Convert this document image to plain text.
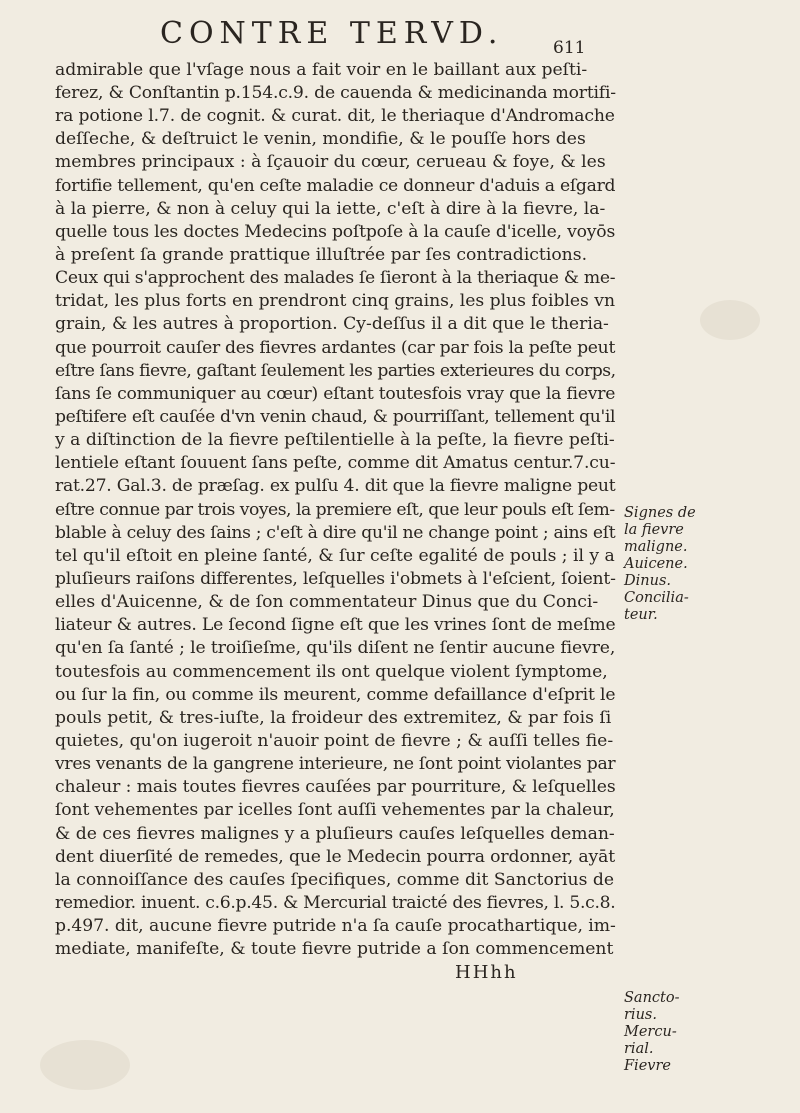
CONTRE TERVD.	611
admirable que l'vſage nous a fait voir en le baillant aux peſti-
ferez, & Conſtantin p.154.c.9. de cauenda & medicinanda mortifi-
ra potione l.7. de cognit. & curat. dit, le theriaque d'Andromache
deſſeche, & deſtruict le venin, mondifie, & le pouſſe hors des
membres principaux : à ſçauoir du cœur, cerueau & foye, & les
fortifie tellement, qu'en ceſte maladie ce donneur d'aduis a eſgard
à la pierre, & non à celuy qui la iette, c'eſt à dire à la fievre, la-
quelle tous les doctes Medecins poſtpoſe à la cauſe d'icelle, voyōs
à preſent ſa grande prattique illuſtrée par ſes contradictions.
Ceux qui s'approchent des malades ſe ſieront à la theriaque & me-
tridat, les plus forts en prendront cinq grains, les plus foibles vn
grain, & les autres à proportion. Cy-deſſus il a dit que le theria-
que pourroit cauſer des fievres ardantes (car par fois la peſte peut
eſtre ſans fievre, gaſtant ſeulement les parties exterieures du corps,
ſans ſe communiquer au cœur) eſtant toutesfois vray que la fievre
peſtifere eſt cauſée d'vn venin chaud, & pourriſſant, tellement qu'il
y a diſtinction de la fievre peſtilentielle à la peſte, la fievre peſti-
lentiele eſtant ſouuent ſans peſte, comme dit Amatus centur.7.cu-
rat.27. Gal.3. de præſag. ex pulſu 4. dit que la fievre maligne peut
eſtre connue par trois voyes, la premiere eſt, que leur pouls eſt ſem-
blable à celuy des ſains ; c'eſt à dire qu'il ne change point ; ains eſt
tel qu'il eſtoit en pleine ſanté, & ſur ceſte egalité de pouls ; il y a
pluſieurs raiſons differentes, leſquelles i'obmets à l'eſcient, ſoient-
elles d'Auicenne, & de ſon commentateur Dinus que du Conci-
liateur & autres. Le ſecond ſigne eſt que les vrines ſont de meſme
qu'en ſa ſanté ; le troiſieſme, qu'ils diſent ne ſentir aucune fievre,
toutesfois au commencement ils ont quelque violent ſymptome,
ou ſur la fin, ou comme ils meurent, comme defaillance d'eſprit le
pouls petit, & tres-iuſte, la froideur des extremitez, & par fois ſi
quietes, qu'on iugeroit n'auoir point de fievre ; & auſſi telles fie-
vres venants de la gangrene interieure, ne ſont point violantes par
chaleur : mais toutes fievres cauſées par pourriture, & leſquelles
ſont vehementes par icelles ſont auſſi vehementes par la chaleur,
& de ces fievres malignes y a pluſieurs cauſes leſquelles deman-
dent diuerſité de remedes, que le Medecin pourra ordonner, ayāt
la connoiſſance des cauſes ſpecifiques, comme dit Sanctorius de
remedior. inuent. c.6.p.45. & Mercurial traicté des fievres, l. 5.c.8.
p.497. dit, aucune fievre putride n'a ſa cauſe procathartique, im-
mediate, manifeſte, & toute fievre putride a ſon commencement
HHhh
Signes de
la fievre
maligne.
Auicene.
Dinus.
Concilia-
teur.
Sancto-
rius.
Mercu-
rial.
Fievre
